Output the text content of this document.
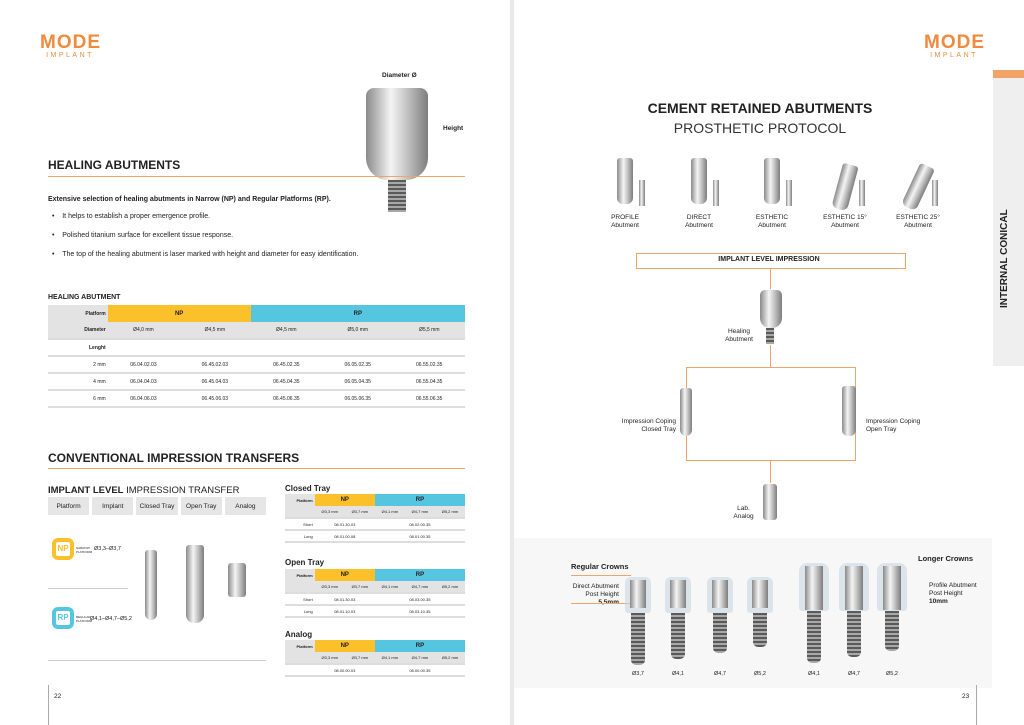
MODE
IMPLANT
Diameter Ø
Height
HEALING ABUTMENTS
Extensive selection of healing abutments in Narrow (NP) and Regular Platforms (RP).
•    It helps to establish a proper emergence profile.
•    Polished titanium surface for excellent tissue response.
•    The top of the healing abutment is laser marked with height and diameter for easy identification.
HEALING ABUTMENT
Platform	NP		RP		
Diameter	Ø4,0 mm	Ø4,5 mm	Ø4,5 mm	Ø5,0 mm	Ø5,5 mm
Lenght					
2 mm	06.04.02.03	06.45.02.03	06.45.02.35	06.05.02.35	06.55.02.35
4 mm	06.04.04.03	06.45.04.03	06.45.04.35	06.05.04.35	06.55.04.35
6 mm	06.04.06.03	06.45.06.03	06.45.06.35	06.05.06.35	06.55.06.35
CONVENTIONAL IMPRESSION TRANSFERS
IMPLANT LEVEL IMPRESSION TRANSFER
Platform	Implant	Closed Tray	Open Tray	Analog
NP	NARROW PLATFORM Ø3,3–Ø3,7
RP	REGULAR PLATFORM
Ø4,1–Ø4,7–Ø5,2
Closed Tray
Platform	NP		RP		
	Ø3,3 mm	Ø3,7 mm	Ø4,1 mm	Ø4,7 mm	Ø5,2 mm
Short	08.01.30.03		08.02.00.35		
Long	08.01.00.08		08.01.00.35		
Open Tray
Platform	NP		RP		
	Ø3,3 mm	Ø3,7 mm	Ø4,1 mm	Ø4,7 mm	Ø5,2 mm
Short	08.01.30.03		08.03.00.35		
Long	08.01.10.03		08.03.10.35		
Analog
Platform	NP		RP		
	Ø3,3 mm	Ø3,7 mm	Ø4,1 mm	Ø4,7 mm	Ø5,2 mm
	08.00.00.03		08.00.00.35		
22
MODE
IMPLANT
INTERNAL CONICAL
CEMENT RETAINED ABUTMENTS
PROSTHETIC PROTOCOL
PROFILE
Abutment
DIRECT
Abutment
ESTHETIC
Abutment
ESTHETIC 15°
Abutment
ESTHETIC 25°
Abutment
IMPLANT LEVEL IMPRESSION
Healing
Abutment
Impression Coping
Closed Tray
Impression Coping
Open Tray
Lab.
Analog
Regular Crowns
Direct Abutment
Post Height
Longer Crowns
Profile Abutment
Post Height
10mm
Ø3,7	Ø4,1	Ø4,7	Ø5,2	Ø4,1	Ø4,7	Ø5,2
23
